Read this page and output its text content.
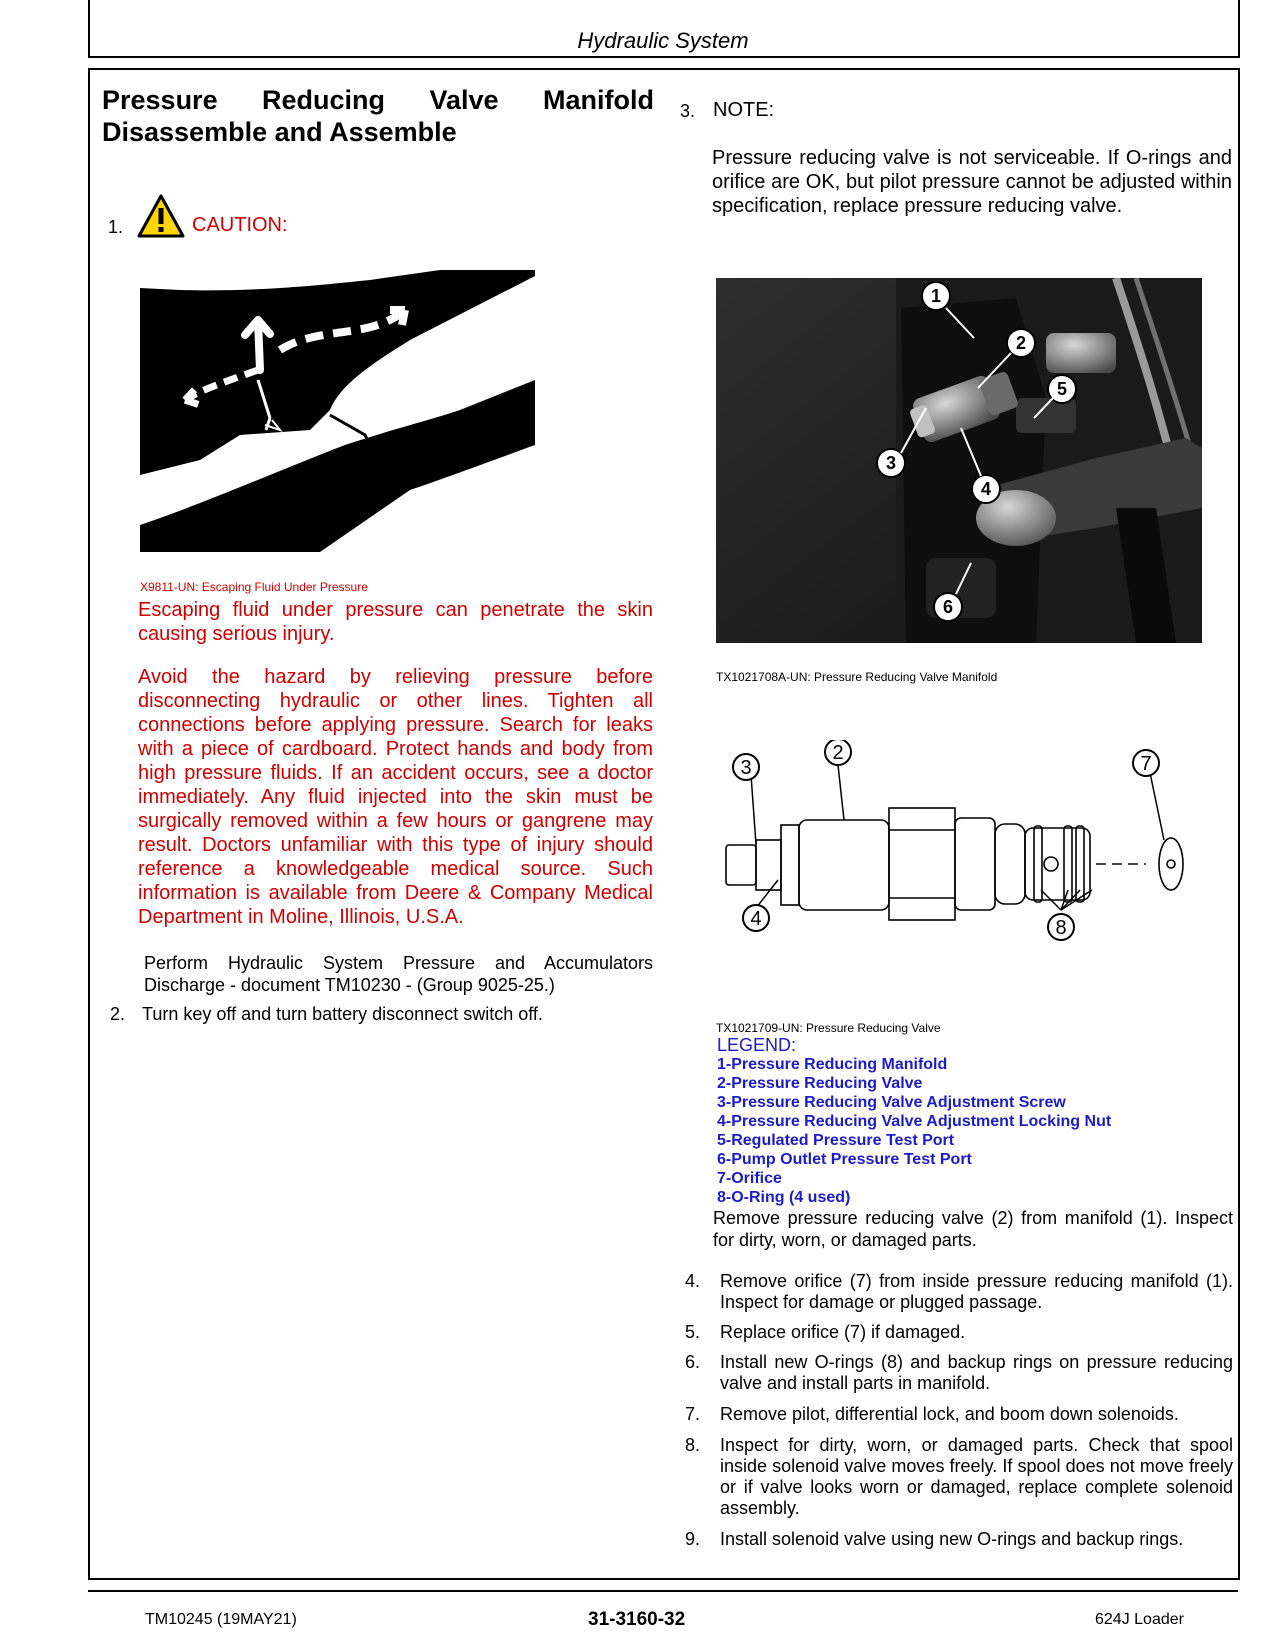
Hydraulic System
Pressure Reducing Valve Manifold
Disassemble and Assemble
1.	CAUTION:
X9811-UN: Escaping Fluid Under Pressure
Escaping fluid under pressure can penetrate the skin causing serious injury.
Avoid the hazard by relieving pressure before disconnecting hydraulic or other lines. Tighten all connections before applying pressure. Search for leaks with a piece of cardboard. Protect hands and body from high pressure fluids. If an accident occurs, see a doctor immediately. Any fluid injected into the skin must be surgically removed within a few hours or gangrene may result. Doctors unfamiliar with this type of injury should reference a knowledgeable medical source. Such information is available from Deere & Company Medical Department in Moline, Illinois, U.S.A.
Perform Hydraulic System Pressure and Accumulators Discharge - document TM10230 - (Group 9025-25.)
2. Turn key off and turn battery disconnect switch off.
3. NOTE:
Pressure reducing valve is not serviceable. If O-rings and orifice are OK, but pilot pressure cannot be adjusted within specification, replace pressure reducing valve.
1
2
3
4
5
6
TX1021708A-UN: Pressure Reducing Valve Manifold
2
3
4
7
8
TX1021709-UN: Pressure Reducing Valve
LEGEND:
1-Pressure Reducing Manifold
2-Pressure Reducing Valve
3-Pressure Reducing Valve Adjustment Screw
4-Pressure Reducing Valve Adjustment Locking Nut
5-Regulated Pressure Test Port
6-Pump Outlet Pressure Test Port
7-Orifice
8-O-Ring (4 used)
Remove pressure reducing valve (2) from manifold (1). Inspect for dirty, worn, or damaged parts.
4. Remove orifice (7) from inside pressure reducing manifold (1). Inspect for damage or plugged passage.
5. Replace orifice (7) if damaged.
6. Install new O-rings (8) and backup rings on pressure reducing valve and install parts in manifold.
7. Remove pilot, differential lock, and boom down solenoids.
8. Inspect for dirty, worn, or damaged parts. Check that spool inside solenoid valve moves freely. If spool does not move freely or if valve looks worn or damaged, replace complete solenoid assembly.
9. Install solenoid valve using new O-rings and backup rings.
TM10245 (19MAY21)	31-3160-32	624J Loader
